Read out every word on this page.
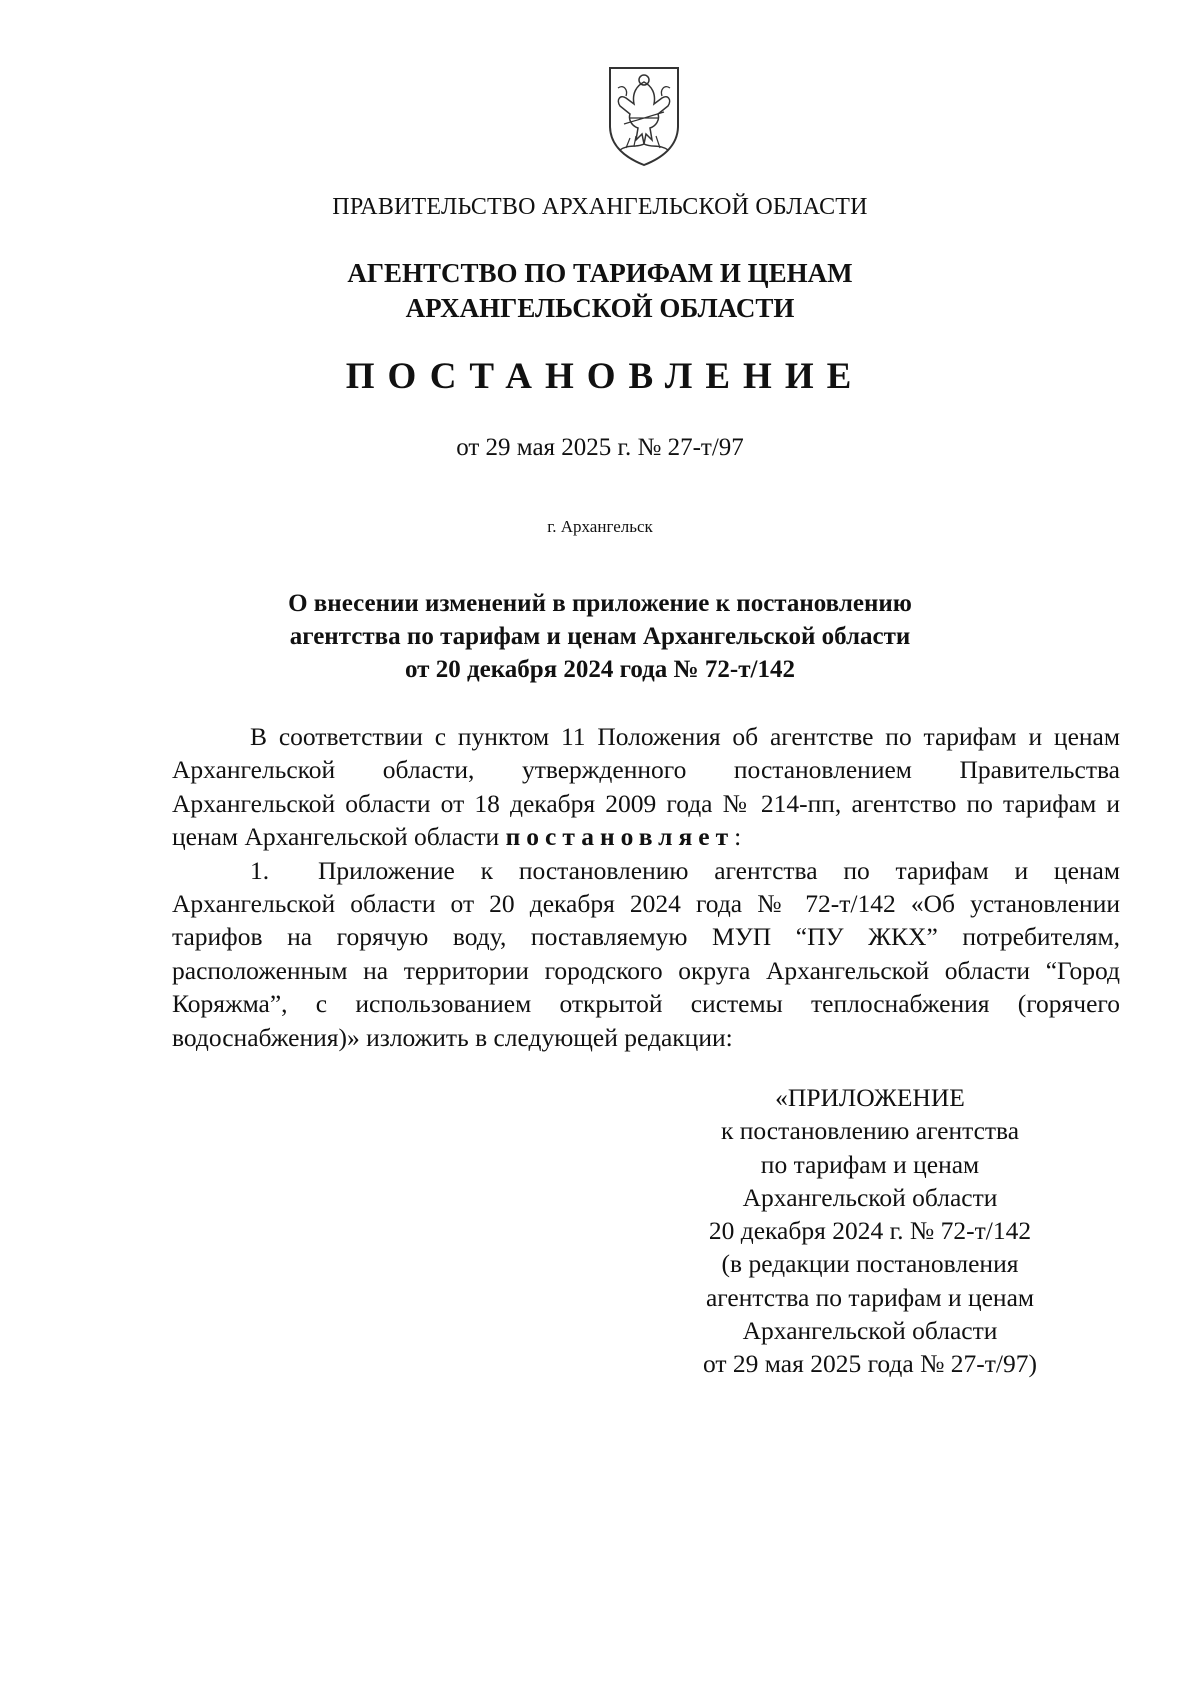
ПРАВИТЕЛЬСТВО АРХАНГЕЛЬСКОЙ ОБЛАСТИ
АГЕНТСТВО ПО ТАРИФАМ И ЦЕНАМ
АРХАНГЕЛЬСКОЙ ОБЛАСТИ
ПОСТАНОВЛЕНИЕ
от 29 мая 2025 г. № 27-т/97
г. Архангельск
О внесении изменений в приложение к постановлению
агентства по тарифам и ценам Архангельской области
от 20 декабря 2024 года № 72-т/142

В соответствии с пунктом 11 Положения об агентстве по тарифам и ценам Архангельской области, утвержденного постановлением Правительства Архангельской области от 18 декабря 2009 года № 214-пп, агентство по тарифам и ценам Архангельской области постановляет:

1. Приложение к постановлению агентства по тарифам и ценам Архангельской области от 20 декабря 2024 года № 72-т/142 «Об установлении тарифов на горячую воду, поставляемую МУП “ПУ ЖКХ” потребителям, расположенным на территории городского округа Архангельской области “Город Коряжма”, с использованием открытой системы теплоснабжения (горячего водоснабжения)» изложить в следующей редакции:

«ПРИЛОЖЕНИЕ
к постановлению агентства
по тарифам и ценам
Архангельской области
20 декабря 2024 г. № 72-т/142
(в редакции постановления
агентства по тарифам и ценам
Архангельской области
от 29 мая 2025 года № 27-т/97)
